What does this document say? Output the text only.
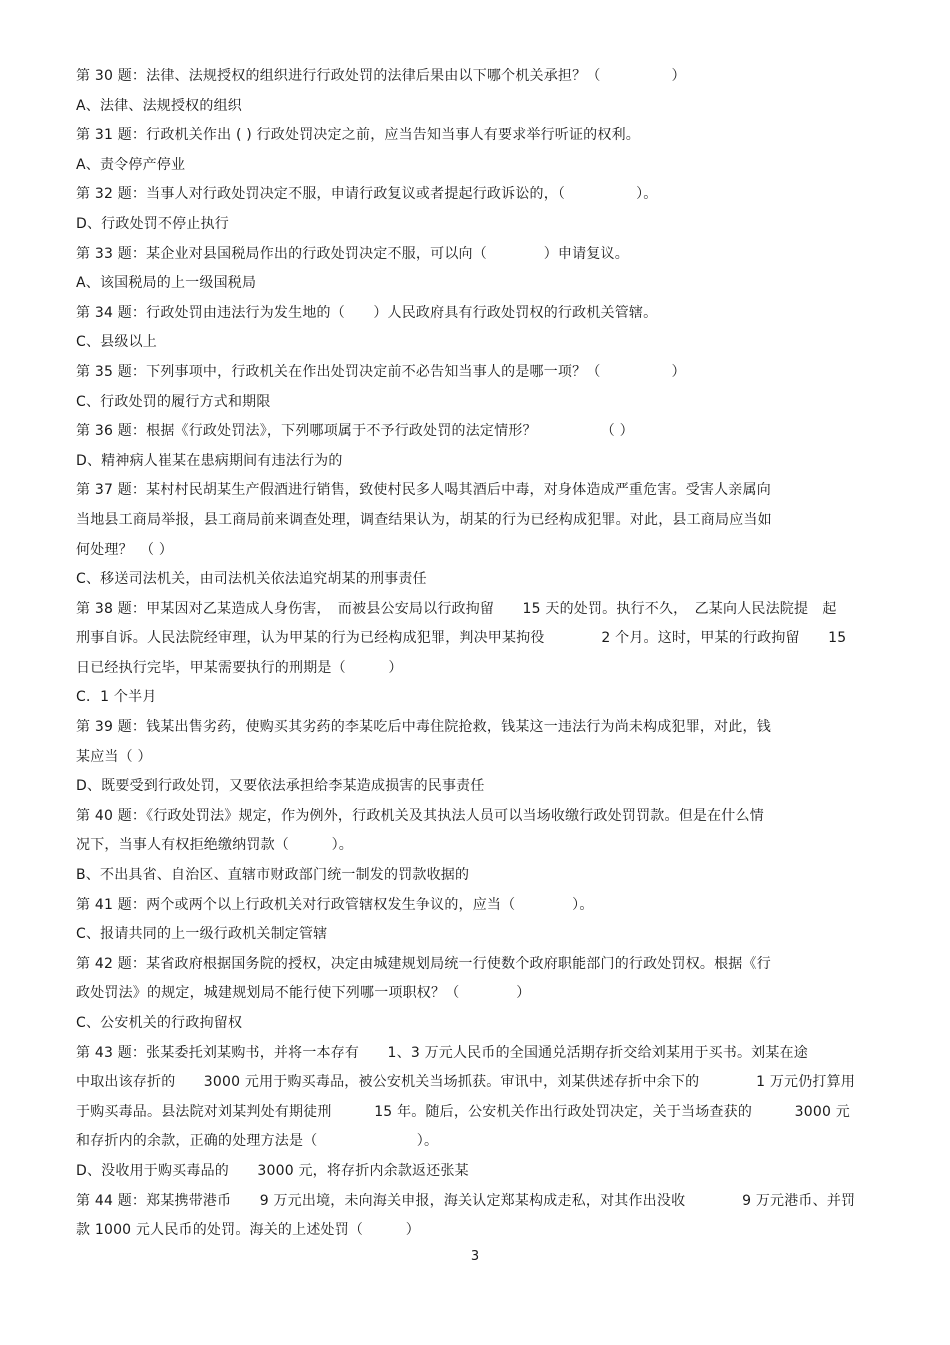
第 30 题：法律、法规授权的组织进行行政处罚的法律后果由以下哪个机关承担？（　　　　　）
A、法律、法规授权的组织
第 31 题：行政机关作出 ( ) 行政处罚决定之前，应当告知当事人有要求举行听证的权利。
A、责令停产停业
第 32 题：当事人对行政处罚决定不服，申请行政复议或者提起行政诉讼的，（　　　　　）。
D、行政处罚不停止执行
第 33 题：某企业对县国税局作出的行政处罚决定不服，可以向（　　　　）申请复议。
A、该国税局的上一级国税局
第 34 题：行政处罚由违法行为发生地的（　　）人民政府具有行政处罚权的行政机关管辖。
C、县级以上
第 35 题：下列事项中，行政机关在作出处罚决定前不必告知当事人的是哪一项？（　　　　　）
C、行政处罚的履行方式和期限
第 36 题：根据《行政处罚法》，下列哪项属于不予行政处罚的法定情形？　　　　　（ ）
D、精神病人崔某在患病期间有违法行为的
第 37 题：某村村民胡某生产假酒进行销售，致使村民多人喝其酒后中毒，对身体造成严重危害。受害人亲属向
当地县工商局举报，县工商局前来调查处理，调查结果认为，胡某的行为已经构成犯罪。对此，县工商局应当如
何处理？　（ ）
C、移送司法机关，由司法机关依法追究胡某的刑事责任
第 38 题：甲某因对乙某造成人身伤害，　而被县公安局以行政拘留　　15 天的处罚。执行不久，　乙某向人民法院提　起
刑事自诉。人民法院经审理，认为甲某的行为已经构成犯罪，判决甲某拘役　　　　2 个月。这时，甲某的行政拘留　　15
日已经执行完毕，甲某需要执行的刑期是（　　　）
C．1 个半月
第 39 题：钱某出售劣药，使购买其劣药的李某吃后中毒住院抢救，钱某这一违法行为尚未构成犯罪，对此，钱
某应当（ ）
D、既要受到行政处罚，又要依法承担给李某造成损害的民事责任
第 40 题：《行政处罚法》规定，作为例外，行政机关及其执法人员可以当场收缴行政处罚罚款。但是在什么情
况下，当事人有权拒绝缴纳罚款（　　　）。
B、不出具省、自治区、直辖市财政部门统一制发的罚款收据的
第 41 题：两个或两个以上行政机关对行政管辖权发生争议的，应当（　　　　）。
C、报请共同的上一级行政机关制定管辖
第 42 题：某省政府根据国务院的授权，决定由城建规划局统一行使数个政府职能部门的行政处罚权。根据《行
政处罚法》的规定，城建规划局不能行使下列哪一项职权？（　　　　）
C、公安机关的行政拘留权
第 43 题：张某委托刘某购书，并将一本存有　　1、3 万元人民币的全国通兑活期存折交给刘某用于买书。刘某在途
中取出该存折的　　3000 元用于购买毒品，被公安机关当场抓获。审讯中，刘某供述存折中余下的　　　　1 万元仍打算用
于购买毒品。县法院对刘某判处有期徒刑　　　15 年。随后，公安机关作出行政处罚决定，关于当场查获的　　　3000 元
和存折内的余款，正确的处理方法是（　　　　　　　）。
D、没收用于购买毒品的　　3000 元，将存折内余款返还张某
第 44 题：郑某携带港币　　9 万元出境，未向海关申报，海关认定郑某构成走私，对其作出没收　　　　9 万元港币、并罚
款 1000 元人民币的处罚。海关的上述处罚（　　　）
3
